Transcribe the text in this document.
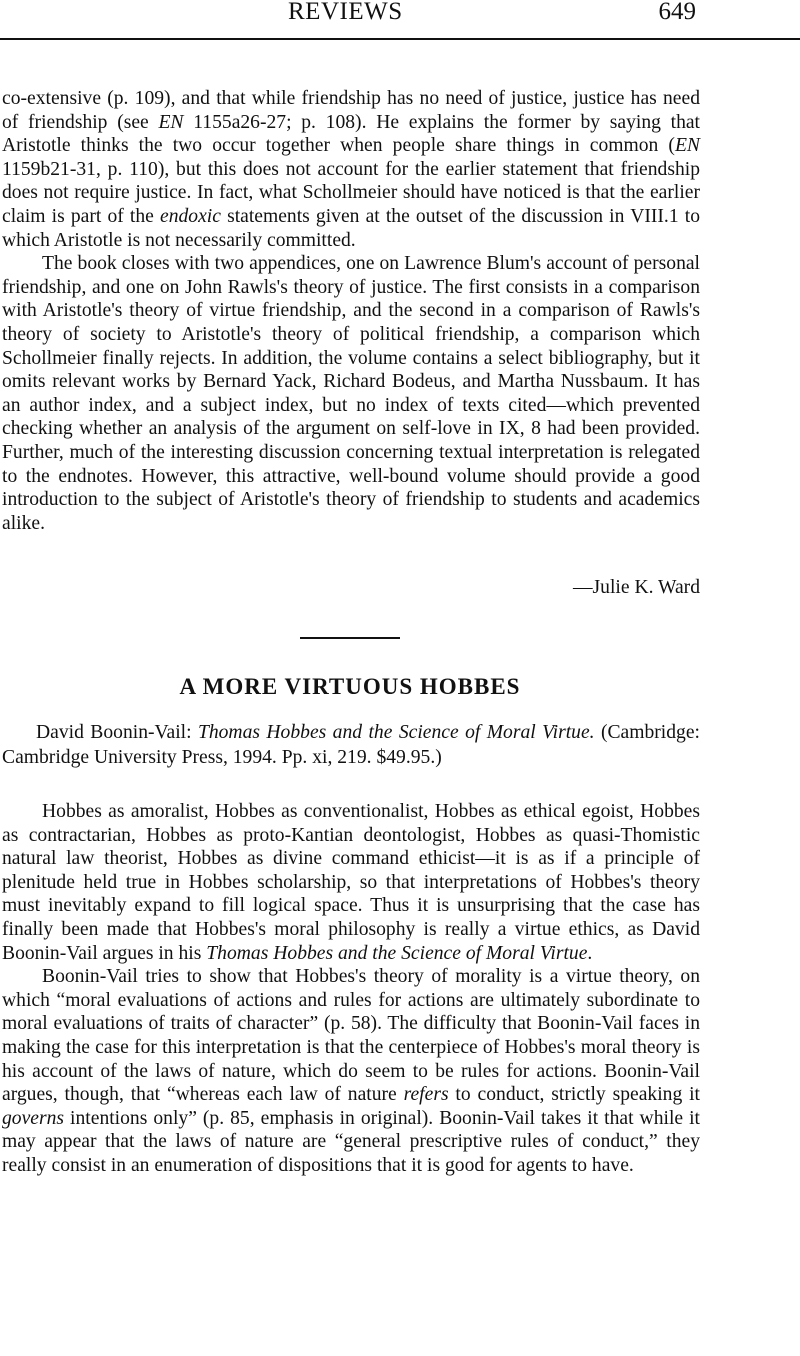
REVIEWS	649

co-extensive (p. 109), and that while friendship has no need of justice, justice has need of friendship (see EN 1155a26-27; p. 108). He explains the former by saying that Aristotle thinks the two occur together when people share things in common (EN 1159b21-31, p. 110), but this does not account for the earlier statement that friendship does not require justice. In fact, what Schollmeier should have noticed is that the earlier claim is part of the endoxic statements given at the outset of the discussion in VIII.1 to which Aristotle is not necessarily committed.

The book closes with two appendices, one on Lawrence Blum's account of personal friendship, and one on John Rawls's theory of justice. The first consists in a comparison with Aristotle's theory of virtue friendship, and the second in a comparison of Rawls's theory of society to Aristotle's theory of political friendship, a comparison which Schollmeier finally rejects. In addition, the volume contains a select bibliography, but it omits relevant works by Bernard Yack, Richard Bodeus, and Martha Nussbaum. It has an author index, and a subject index, but no index of texts cited—which prevented checking whether an analysis of the argument on self-love in IX, 8 had been provided. Further, much of the interesting discussion concerning textual interpretation is relegated to the endnotes. However, this attractive, well-bound volume should provide a good introduction to the subject of Aristotle's theory of friendship to students and academics alike.

—Julie K. Ward
A MORE VIRTUOUS HOBBES
David Boonin-Vail: Thomas Hobbes and the Science of Moral Virtue. (Cambridge: Cambridge University Press, 1994. Pp. xi, 219. $49.95.)

Hobbes as amoralist, Hobbes as conventionalist, Hobbes as ethical egoist, Hobbes as contractarian, Hobbes as proto-Kantian deontologist, Hobbes as quasi-Thomistic natural law theorist, Hobbes as divine command ethicist—it is as if a principle of plenitude held true in Hobbes scholarship, so that interpretations of Hobbes's theory must inevitably expand to fill logical space. Thus it is unsurprising that the case has finally been made that Hobbes's moral philosophy is really a virtue ethics, as David Boonin-Vail argues in his Thomas Hobbes and the Science of Moral Virtue.

Boonin-Vail tries to show that Hobbes's theory of morality is a virtue theory, on which “moral evaluations of actions and rules for actions are ultimately subordinate to moral evaluations of traits of character” (p. 58). The difficulty that Boonin-Vail faces in making the case for this interpretation is that the centerpiece of Hobbes's moral theory is his account of the laws of nature, which do seem to be rules for actions. Boonin-Vail argues, though, that “whereas each law of nature refers to conduct, strictly speaking it governs intentions only” (p. 85, emphasis in original). Boonin-Vail takes it that while it may appear that the laws of nature are “general prescriptive rules of conduct,” they really consist in an enumeration of dispositions that it is good for agents to have.
